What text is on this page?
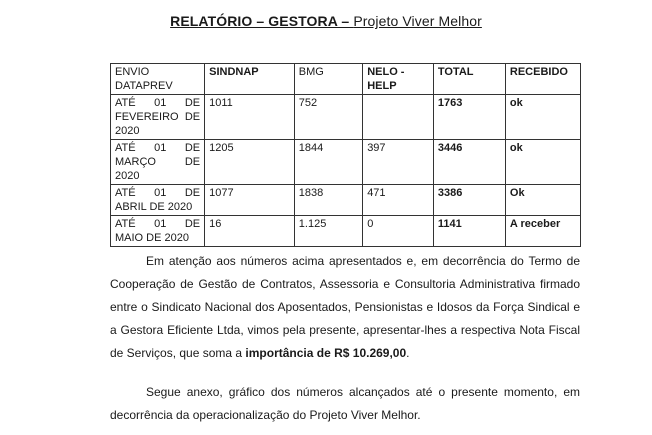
RELATÓRIO – GESTORA – Projeto Viver Melhor
ENVIO DATAPREV	SINDNAP	BMG	NELO - HELP	TOTAL	RECEBIDO
ATÉ 01 DE FEVEREIRO DE 2020	1011	752		1763	ok
ATÉ 01 DE MARÇO DE 2020	1205	1844	397	3446	ok
ATÉ 01 DE ABRIL DE 2020	1077	1838	471	3386	Ok
ATÉ 01 DE MAIO DE 2020	16	1.125	0	1141	A receber
Em atenção aos números acima apresentados e, em decorrência do Termo de Cooperação de Gestão de Contratos, Assessoria e Consultoria Administrativa firmado entre o Sindicato Nacional dos Aposentados, Pensionistas e Idosos da Força Sindical e a Gestora Eficiente Ltda, vimos pela presente, apresentar-lhes a respectiva Nota Fiscal de Serviços, que soma a importância de R$ 10.269,00.
Segue anexo, gráfico dos números alcançados até o presente momento, em decorrência da operacionalização do Projeto Viver Melhor.
